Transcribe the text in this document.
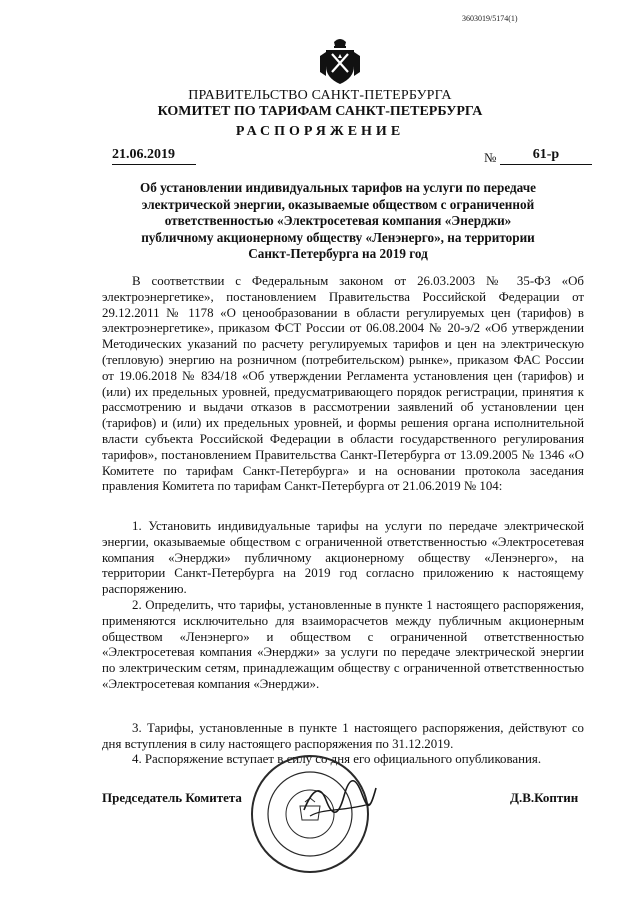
3603019/5174(1)
ПРАВИТЕЛЬСТВО САНКТ-ПЕТЕРБУРГА
КОМИТЕТ ПО ТАРИФАМ САНКТ-ПЕТЕРБУРГА
РАСПОРЯЖЕНИЕ
21.06.2019	№	61-р
Об установлении индивидуальных тарифов на услуги по передаче электрической энергии, оказываемые обществом с ограниченной ответственностью «Электросетевая компания «Энерджи» публичному акционерному обществу «Ленэнерго», на территории Санкт-Петербурга на 2019 год
В соответствии с Федеральным законом от 26.03.2003 № 35-ФЗ «Об электроэнергетике», постановлением Правительства Российской Федерации от 29.12.2011 № 1178 «О ценообразовании в области регулируемых цен (тарифов) в электроэнергетике», приказом ФСТ России от 06.08.2004 № 20-э/2 «Об утверждении Методических указаний по расчету регулируемых тарифов и цен на электрическую (тепловую) энергию на розничном (потребительском) рынке», приказом ФАС России от 19.06.2018 № 834/18 «Об утверждении Регламента установления цен (тарифов) и (или) их предельных уровней, предусматривающего порядок регистрации, принятия к рассмотрению и выдачи отказов в рассмотрении заявлений об установлении цен (тарифов) и (или) их предельных уровней, и формы решения органа исполнительной власти субъекта Российской Федерации в области государственного регулирования тарифов», постановлением Правительства Санкт-Петербурга от 13.09.2005 № 1346 «О Комитете по тарифам Санкт-Петербурга» и на основании протокола заседания правления Комитета по тарифам Санкт-Петербурга от 21.06.2019 № 104:
1. Установить индивидуальные тарифы на услуги по передаче электрической энергии, оказываемые обществом с ограниченной ответственностью «Электросетевая компания «Энерджи» публичному акционерному обществу «Ленэнерго», на территории Санкт-Петербурга на 2019 год согласно приложению к настоящему распоряжению.
2. Определить, что тарифы, установленные в пункте 1 настоящего распоряжения, применяются исключительно для взаиморасчетов между публичным акционерным обществом «Ленэнерго» и обществом с ограниченной ответственностью «Электросетевая компания «Энерджи» за услуги по передаче электрической энергии по электрическим сетям, принадлежащим обществу с ограниченной ответственностью «Электросетевая компания «Энерджи».
3. Тарифы, установленные в пункте 1 настоящего распоряжения, действуют со дня вступления в силу настоящего распоряжения по 31.12.2019.
4. Распоряжение вступает в силу со дня его официального опубликования.
Председатель Комитета	Д.В.Коптин
